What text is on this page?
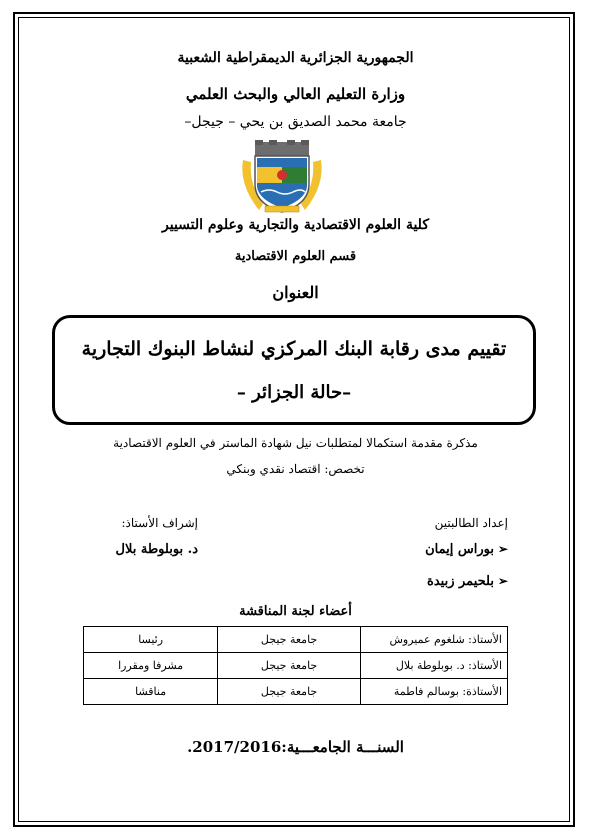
الجمهورية الجزائرية الديمقراطية الشعبية
وزارة التعليم العالي والبحث العلمي
جامعة محمد الصديق بن يحي – جيجل–
كلية العلوم الاقتصادية والتجارية وعلوم التسيير
قسم العلوم الاقتصادية
العنوان
تقييم مدى رقابة البنك المركزي لنشاط البنوك التجارية
–حالة الجزائر –
مذكرة مقدمة استكمالا لمتطلبات نيل شهادة الماستر في العلوم الاقتصادية
تخصص: اقتصاد نقدي وبنكي
إعداد الطالبتين
إشراف الأستاذ:
➢بوراس إيمان
➢بلحيمر زبيدة
د. بوبلوطة بلال
أعضاء لجنة المناقشة
الأستاذ: شلغوم عميروش	جامعة جيجل	رئيسا
الأستاذ: د. بوبلوطة بلال	جامعة جيجل	مشرفا ومقررا
الأستاذة: بوسالم فاطمة	جامعة جيجل	مناقشا
السنـــة الجامعـــية:2017/2016.
